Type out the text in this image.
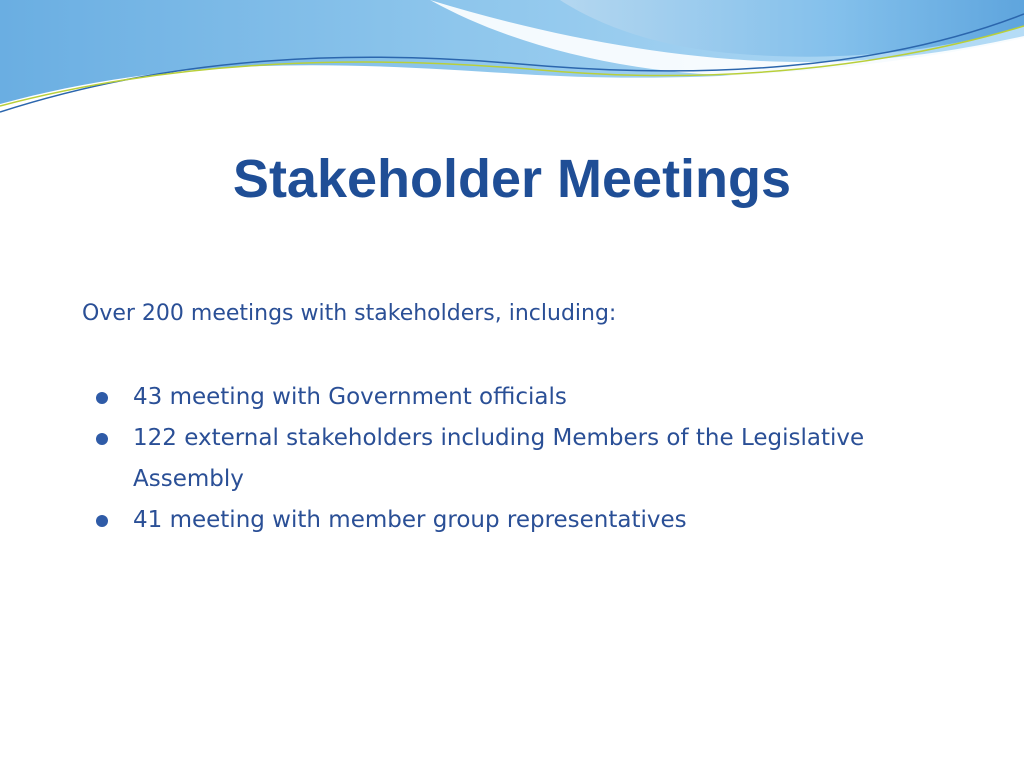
Stakeholder Meetings

Over 200 meetings with stakeholders, including:

43 meeting with Government officials
122 external stakeholders including Members of the Legislative Assembly
41 meeting with member group representatives
